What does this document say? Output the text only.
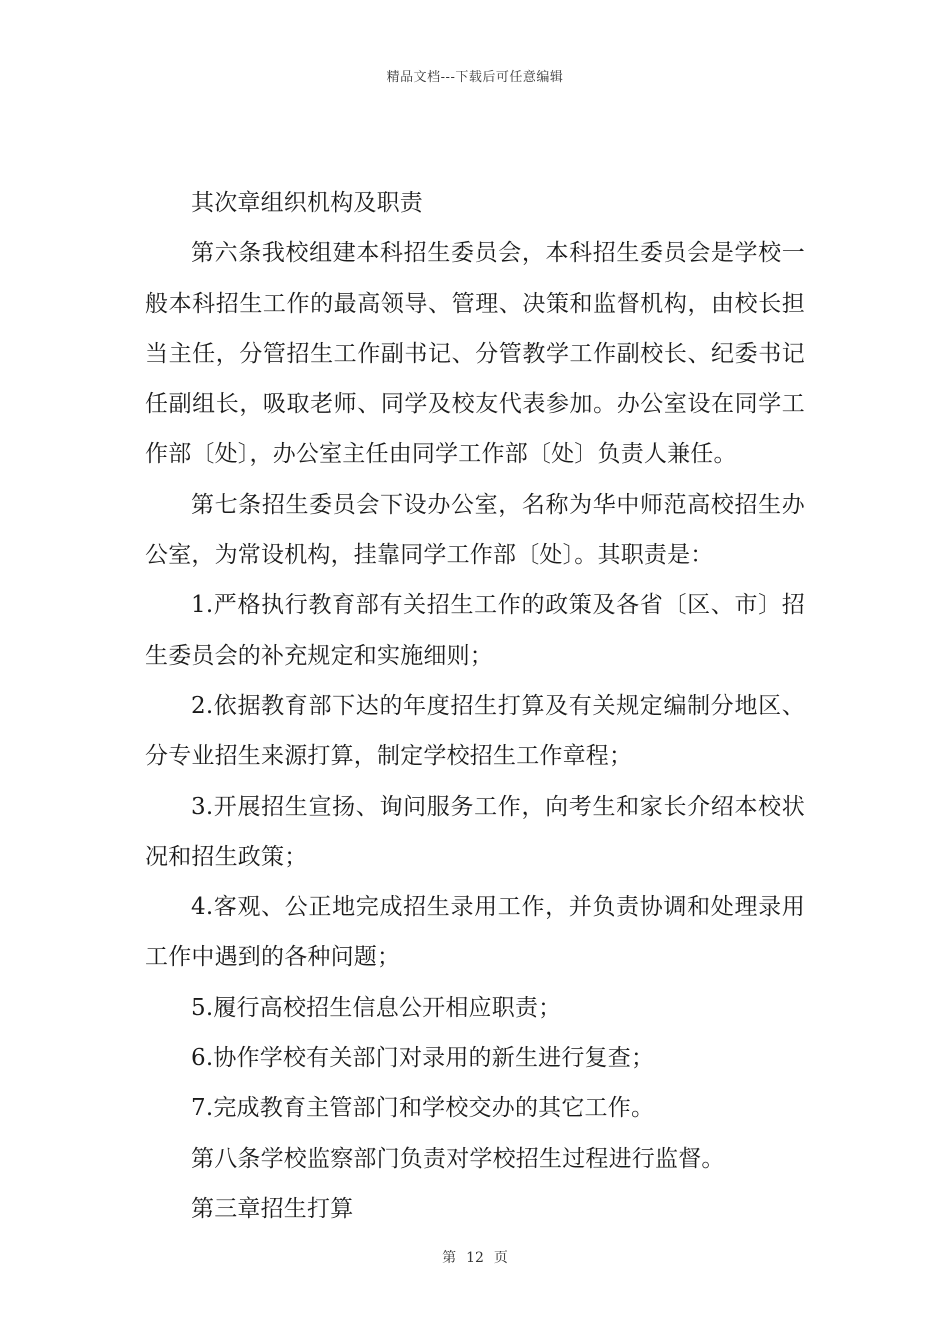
精品文档---下载后可任意编辑

其次章组织机构及职责

第六条我校组建本科招生委员会，本科招生委员会是学校一般本科招生工作的最高领导、管理、决策和监督机构，由校长担当主任，分管招生工作副书记、分管教学工作副校长、纪委书记任副组长，吸取老师、同学及校友代表参加。办公室设在同学工作部〔处〕，办公室主任由同学工作部〔处〕负责人兼任。

第七条招生委员会下设办公室，名称为华中师范高校招生办公室，为常设机构，挂靠同学工作部〔处〕。其职责是：

1.严格执行教育部有关招生工作的政策及各省〔区、市〕招生委员会的补充规定和实施细则；

2.依据教育部下达的年度招生打算及有关规定编制分地区、分专业招生来源打算，制定学校招生工作章程；

3.开展招生宣扬、询问服务工作，向考生和家长介绍本校状况和招生政策；

4.客观、公正地完成招生录用工作，并负责协调和处理录用工作中遇到的各种问题；

5.履行高校招生信息公开相应职责；

6.协作学校有关部门对录用的新生进行复查；

7.完成教育主管部门和学校交办的其它工作。

第八条学校监察部门负责对学校招生过程进行监督。

第三章招生打算

第 12 页
